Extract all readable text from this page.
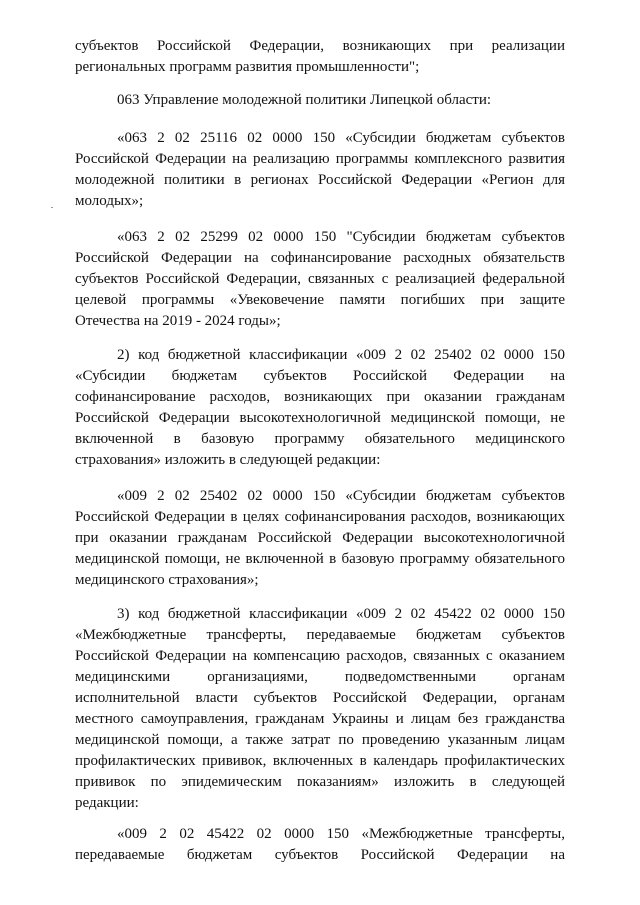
субъектов Российской Федерации, возникающих при реализации
региональных программ развития промышленности";
063 Управление молодежной политики Липецкой области:
«063 2 02 25116 02 0000 150 «Субсидии бюджетам субъектов
Российской Федерации на реализацию программы комплексного развития
молодежной политики в регионах Российской Федерации «Регион для
молодых»;
«063 2 02 25299 02 0000 150 "Субсидии бюджетам субъектов
Российской Федерации на софинансирование расходных обязательств
субъектов Российской Федерации, связанных с реализацией федеральной
целевой программы «Увековечение памяти погибших при защите
Отечества на 2019 - 2024 годы»;
2) код бюджетной классификации «009 2 02 25402 02 0000 150
«Субсидии бюджетам субъектов Российской Федерации на
софинансирование расходов, возникающих при оказании гражданам
Российской Федерации высокотехнологичной медицинской помощи, не
включенной в базовую программу обязательного медицинского
страхования» изложить в следующей редакции:
«009 2 02 25402 02 0000 150 «Субсидии бюджетам субъектов
Российской Федерации в целях софинансирования расходов, возникающих
при оказании гражданам Российской Федерации высокотехнологичной
медицинской помощи, не включенной в базовую программу обязательного
медицинского страхования»;
3) код бюджетной классификации «009 2 02 45422 02 0000 150
«Межбюджетные трансферты, передаваемые бюджетам субъектов
Российской Федерации на компенсацию расходов, связанных с оказанием
медицинскими организациями, подведомственными органам
исполнительной власти субъектов Российской Федерации, органам
местного самоуправления, гражданам Украины и лицам без гражданства
медицинской помощи, а также затрат по проведению указанным лицам
профилактических прививок, включенных в календарь профилактических
прививок по эпидемическим показаниям» изложить в следующей
редакции:
«009 2 02 45422 02 0000 150 «Межбюджетные трансферты,
передаваемые бюджетам субъектов Российской Федерации на
